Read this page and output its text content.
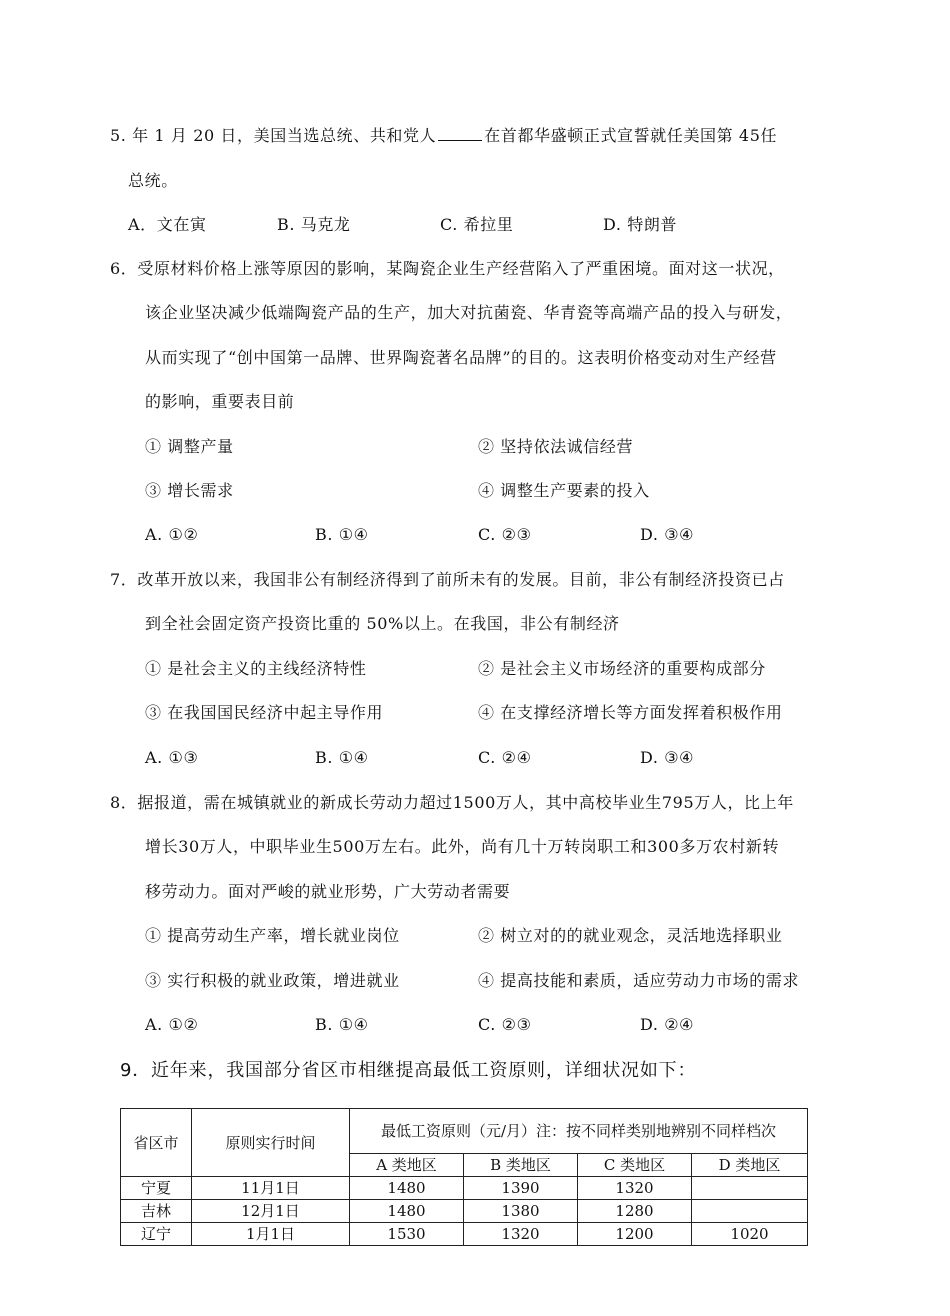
5. 年 1 月 20 日，美国当选总统、共和党人	在首都华盛顿正式宣誓就任美国第 45任
总统。
A．文在寅	B. 马克龙	C. 希拉里	D. 特朗普
6．受原材料价格上涨等原因的影响，某陶瓷企业生产经营陷入了严重困境。面对这一状况，
该企业坚决减少低端陶瓷产品的生产，加大对抗菌瓷、华青瓷等高端产品的投入与研发，
从而实现了“创中国第一品牌、世界陶瓷著名品牌”的目的。这表明价格变动对生产经营
的影响，重要表目前
① 调整产量	② 坚持依法诚信经营
③ 增长需求	④ 调整生产要素的投入
A. ①②	B. ①④	C. ②③	D. ③④
7．改革开放以来，我国非公有制经济得到了前所未有的发展。目前，非公有制经济投资已占
到全社会固定资产投资比重的 50%以上。在我国，非公有制经济
① 是社会主义的主线经济特性	② 是社会主义市场经济的重要构成部分
③ 在我国国民经济中起主导作用	④ 在支撑经济增长等方面发挥着积极作用
A. ①③	B. ①④	C. ②④	D. ③④
8．据报道，需在城镇就业的新成长劳动力超过1500万人，其中高校毕业生795万人，比上年
增长30万人，中职毕业生500万左右。此外，尚有几十万转岗职工和300多万农村新转
移劳动力。面对严峻的就业形势，广大劳动者需要
① 提高劳动生产率，增长就业岗位	② 树立对的的就业观念，灵活地选择职业
③ 实行积极的就业政策，增进就业	④ 提高技能和素质，适应劳动力市场的需求
A. ①②	B. ①④	C. ②③	D. ②④
9．近年来，我国部分省区市相继提高最低工资原则，详细状况如下：
省区市	原则实行时间	最低工资原则（元/月）注：按不同样类别地辨别不同样档次			
		A 类地区	B 类地区	C 类地区	D 类地区
宁夏	11月1日	1480	1390	1320	
吉林	12月1日	1480	1380	1280	
辽宁	1月1日	1530	1320	1200	1020
